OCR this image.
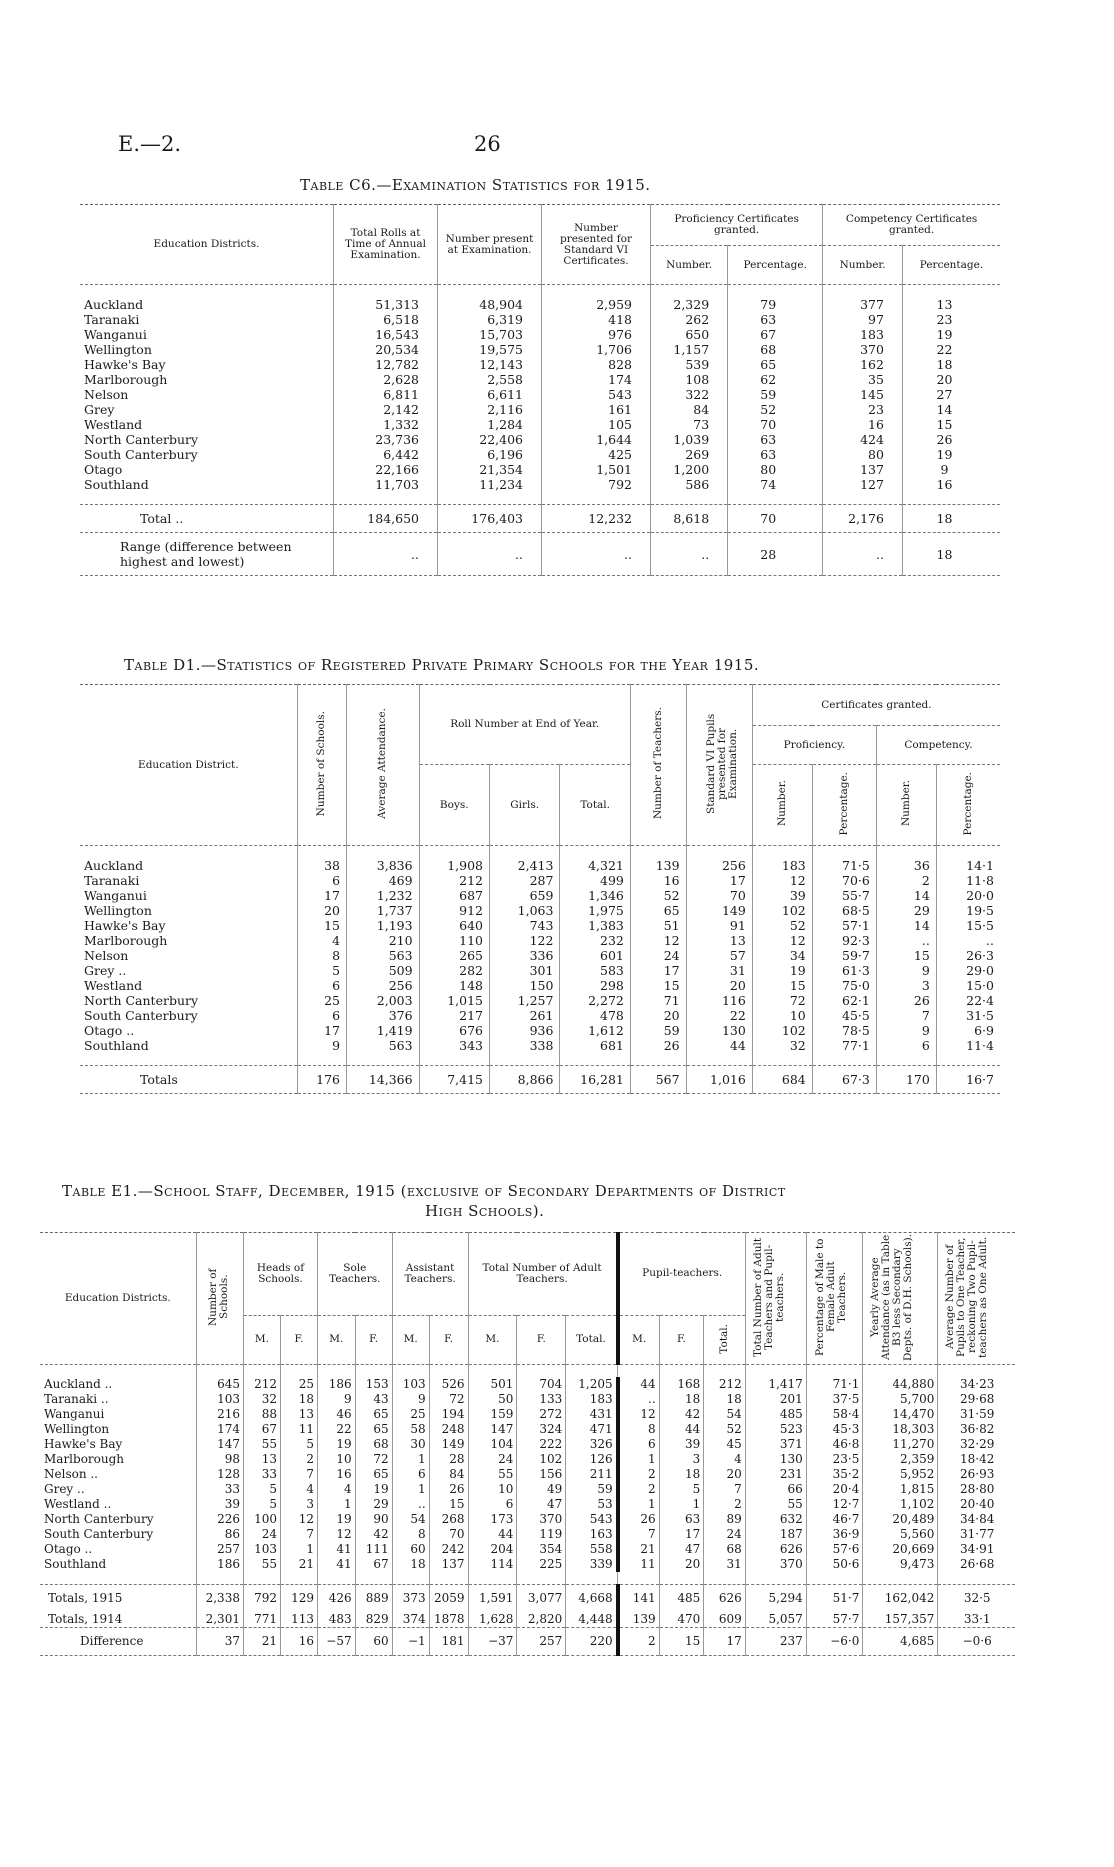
E.—2.	26
Table C6.—Examination Statistics for 1915.
Education Districts.	Total Rolls at Time of Annual Examination.	Number present at Examination.	Number presented for Standard VI Certificates.	Proficiency Certificates granted.		Competency Certificates granted.	
				Number.	Percentage.	Number.	Percentage.

Auckland	51,313	48,904	2,959	2,329	79	377	13
Taranaki	6,518	6,319	418	262	63	97	23
Wanganui	16,543	15,703	976	650	67	183	19
Wellington	20,534	19,575	1,706	1,157	68	370	22
Hawke's Bay	12,782	12,143	828	539	65	162	18
Marlborough	2,628	2,558	174	108	62	35	20
Nelson	6,811	6,611	543	322	59	145	27
Grey	2,142	2,116	161	84	52	23	14
Westland	1,332	1,284	105	73	70	16	15
North Canterbury	23,736	22,406	1,644	1,039	63	424	26
South Canterbury	6,442	6,196	425	269	63	80	19
Otago	22,166	21,354	1,501	1,200	80	137	9
Southland	11,703	11,234	792	586	74	127	16

Total ..	184,650	176,403	12,232	8,618	70	2,176	18
Range (difference between highest and lowest)	..	..	..	..	28	..	18
Table D1.—Statistics of Registered Private Primary Schools for the Year 1915.
Education District.	Number of Schools.	Average Attendance.	Roll Number at End of Year.			Number of Teachers.	Standard VI Pupils presented for Examination.	Certificates granted.			
								Proficiency.		Competency.	
			Boys.	Girls.	Total.			Number.	Percentage.	Number.	Percentage.

Auckland	38	3,836	1,908	2,413	4,321	139	256	183	71·5	36	14·1
Taranaki	6	469	212	287	499	16	17	12	70·6	2	11·8
Wanganui	17	1,232	687	659	1,346	52	70	39	55·7	14	20·0
Wellington	20	1,737	912	1,063	1,975	65	149	102	68·5	29	19·5
Hawke's Bay	15	1,193	640	743	1,383	51	91	52	57·1	14	15·5
Marlborough	4	210	110	122	232	12	13	12	92·3	..	..
Nelson	8	563	265	336	601	24	57	34	59·7	15	26·3
Grey ..	5	509	282	301	583	17	31	19	61·3	9	29·0
Westland	6	256	148	150	298	15	20	15	75·0	3	15·0
North Canterbury	25	2,003	1,015	1,257	2,272	71	116	72	62·1	26	22·4
South Canterbury	6	376	217	261	478	20	22	10	45·5	7	31·5
Otago ..	17	1,419	676	936	1,612	59	130	102	78·5	9	6·9
Southland	9	563	343	338	681	26	44	32	77·1	6	11·4

Totals	176	14,366	7,415	8,866	16,281	567	1,016	684	67·3	170	16·7
Table E1.—School Staff, December, 1915 (exclusive of Secondary Departments of District
High Schools).
Education Districts.	Number of Schools.	Heads of Schools.		Sole Teachers.		Assistant Teachers.		Total Number of Adult Teachers.			Pupil-teachers.			Total Number of Adult Teachers and Pupil-teachers.	Percentage of Male to Female Adult Teachers.	Yearly Average Attendance (as in Table B3 less Secondary Depts. of D.H. Schools).	Average Number of Pupils to One Teacher, reckoning Two Pupil-teachers as One Adult.
		M.	F.	M.	F.	M.	F.	M.	F.	Total.	M.	F.	Total.				

Auckland ..	645	212	25	186	153	103	526	501	704	1,205	44	168	212	1,417	71·1	44,880	34·23
Taranaki ..	103	32	18	9	43	9	72	50	133	183	..	18	18	201	37·5	5,700	29·68
Wanganui	216	88	13	46	65	25	194	159	272	431	12	42	54	485	58·4	14,470	31·59
Wellington	174	67	11	22	65	58	248	147	324	471	8	44	52	523	45·3	18,303	36·82
Hawke's Bay	147	55	5	19	68	30	149	104	222	326	6	39	45	371	46·8	11,270	32·29
Marlborough	98	13	2	10	72	1	28	24	102	126	1	3	4	130	23·5	2,359	18·42
Nelson ..	128	33	7	16	65	6	84	55	156	211	2	18	20	231	35·2	5,952	26·93
Grey ..	33	5	4	4	19	1	26	10	49	59	2	5	7	66	20·4	1,815	28·80
Westland ..	39	5	3	1	29	..	15	6	47	53	1	1	2	55	12·7	1,102	20·40
North Canterbury	226	100	12	19	90	54	268	173	370	543	26	63	89	632	46·7	20,489	34·84
South Canterbury	86	24	7	12	42	8	70	44	119	163	7	17	24	187	36·9	5,560	31·77
Otago ..	257	103	1	41	111	60	242	204	354	558	21	47	68	626	57·6	20,669	34·91
Southland	186	55	21	41	67	18	137	114	225	339	11	20	31	370	50·6	9,473	26·68

Totals, 1915	2,338	792	129	426	889	373	2059	1,591	3,077	4,668	141	485	626	5,294	51·7	162,042	32·5
Totals, 1914	2,301	771	113	483	829	374	1878	1,628	2,820	4,448	139	470	609	5,057	57·7	157,357	33·1
Difference	37	21	16	−57	60	−1	181	−37	257	220	2	15	17	237	−6·0	4,685	−0·6
